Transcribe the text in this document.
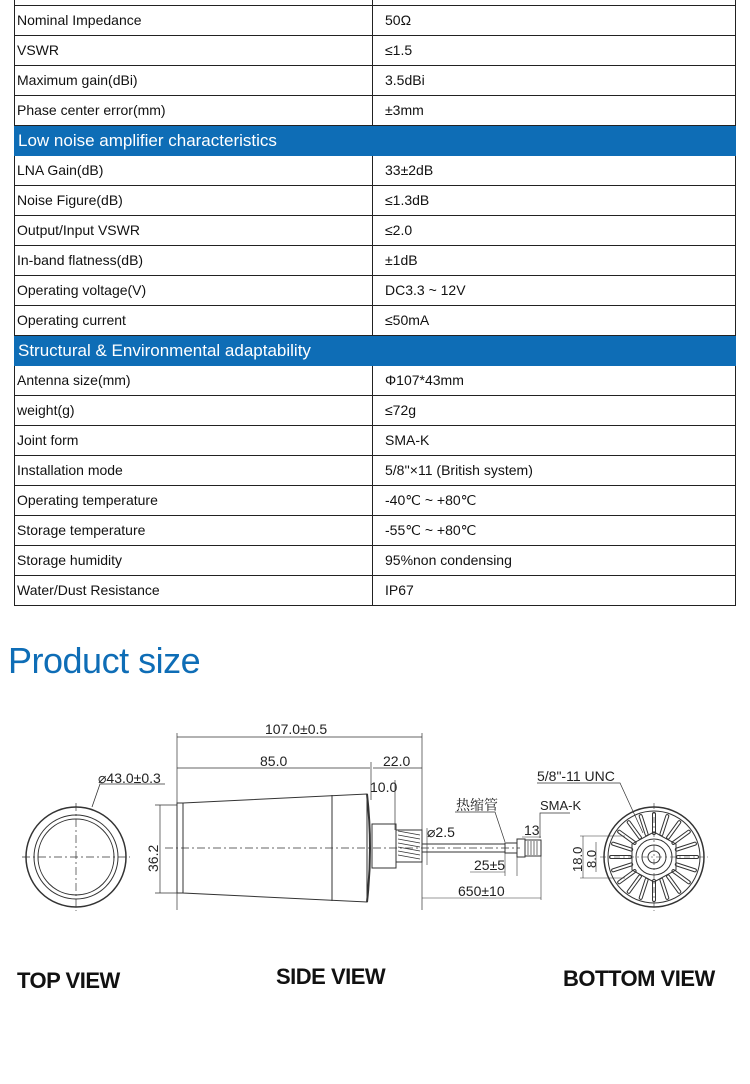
Nominal Impedance	50Ω
VSWR	≤1.5
Maximum gain(dBi)	3.5dBi
Phase center error(mm)	±3mm
Low noise amplifier characteristics
LNA Gain(dB)	33±2dB
Noise Figure(dB)	≤1.3dB
Output/Input VSWR	≤2.0
In-band flatness(dB)	±1dB
Operating voltage(V)	DC3.3 ~ 12V
Operating current	≤50mA
Structural & Environmental adaptability
Antenna size(mm)	Φ107*43mm
weight(g)	≤72g
Joint form	SMA-K
Installation mode	5/8''×11 (British system)
Operating temperature	-40℃ ~ +80℃
Storage temperature	-55℃ ~ +80℃
Storage humidity	95%non condensing
Water/Dust Resistance	IP67
Product size
⌀43.0±0.3
107.0±0.5
85.0	22.0
10.0
36.2
⌀2.5
热缩管	SMA-K
13
25±5
650±10
5/8"-11 UNC
18.0 8.0
TOP VIEW	SIDE VIEW	BOTTOM VIEW
